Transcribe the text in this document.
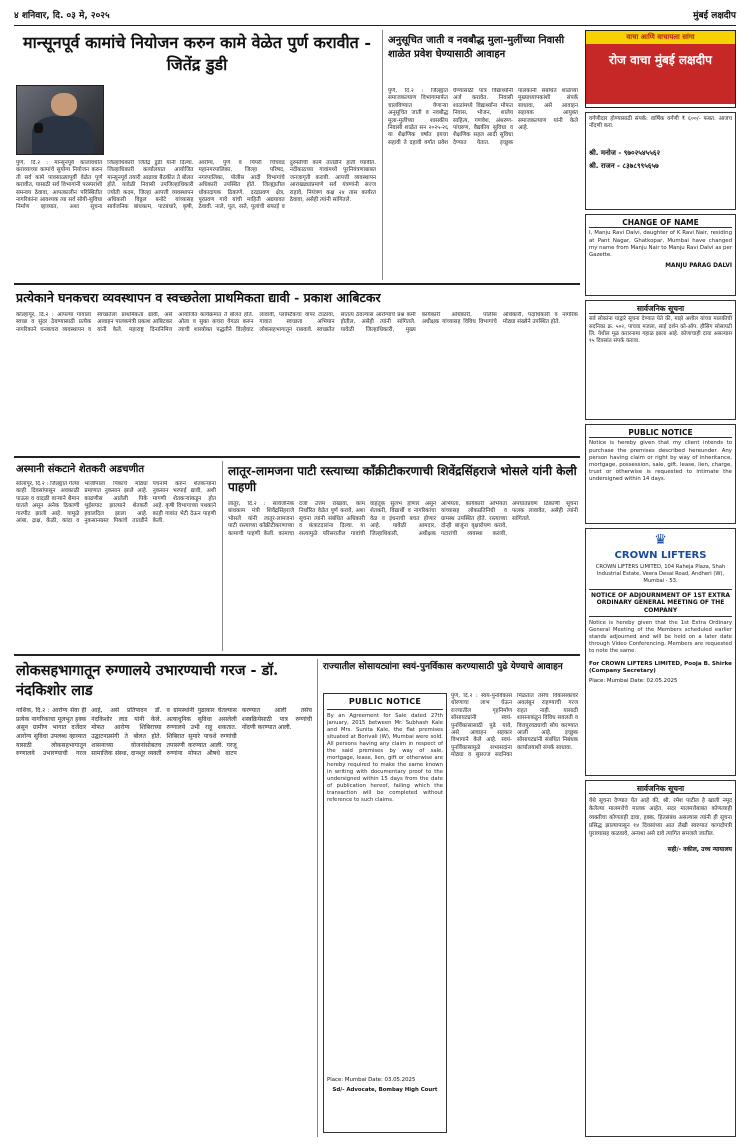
४ शनिवार, दि. ०३ मे, २०२५	मुंबई लक्षदीप
मान्सूनपूर्व कामांचे नियोजन करुन कामे वेळेत पुर्ण करावीत - जितेंद्र डुडी
पुणे, दि.२ : मान्सूनपूर्व कालावधीत कराव्याच्या कामांचे सुयोग्य नियोजन करुन ती सर्व कामे पावसाळ्यापूर्वी वेळेत पूर्ण करावीत, यासाठी सर्व विभागांनी परस्परांशी समन्वय ठेवावा, आपत्कालीन परिस्थितीत नागरिकांना आवश्यक त्या सर्व सोयी-सुविधा निर्माण व्हाव्यात, अशा सूचना जिल्हाधिकारी जितेंद्र डुडी यांनी दिल्या. जिल्हाधिकारी कार्यालयात आयोजित मान्सूनपूर्व तयारी आढावा बैठकीत ते बोलत होते. यावेळी निवासी उपजिल्हाधिकारी ज्योती कदम, जिल्हा आपत्ती व्यवस्थापन अधिकारी विठ्ठल बनोटे यांच्यासह सार्वजनिक बांधकाम, पाटबंधारे, कृषी, आरोग्य, पुणे व पिंपरी चिंचवड महानगरपालिका, जिल्हा परिषद, नगरपालिका, पोलीस आदी विभागांचे अधिकारी उपस्थित होते. जिल्ह्यातील धोकादायक ठिकाणे, दरडप्रवण क्षेत्र, पूरप्रवण गावे यांची माहिती अद्ययावत ठेवावी. नाले, पूल, रस्ते, पूलांची सफाई व दुरुस्तीची कामे तातडीने हाती घ्यावीत. नदीकाठच्या गावांमध्ये पूरनियंत्रणाबाबत जनजागृती करावी. आपत्ती व्यवस्थापन आराखड्याप्रमाणे सर्व यंत्रणांनी सज्ज राहावे, नियंत्रण कक्ष २४ तास कार्यरत ठेवावा, असेही त्यांनी सांगितले.
अनुसूचित जाती व नवबौद्ध मुला-मुलींच्या निवासी शाळेत प्रवेश घेण्यासाठी आवाहन
पुणे, दि.२ : जिल्ह्यात समाजकल्याण विभागामार्फत चालविण्यात येणाऱ्या अनुसूचित जाती व नवबौद्ध मुला-मुलींच्या शासकीय निवासी शाळेत सन २०२५-२६ या शैक्षणिक वर्षात इयत्ता सहावी ते दहावी वर्गात प्रवेश घेण्यासाठी पात्र विद्यार्थ्यांनी अर्ज करावेत. निवासी शाळांमध्ये विद्यार्थ्यांना मोफत निवास, भोजन, शालेय साहित्य, गणवेश, अंथरुण-पांघरुण, वैद्यकीय सुविधा व शैक्षणिक सहल आदी सुविधा देण्यात येतात. इच्छुक पालकांनी संबंधित शाळेच्या मुख्याध्यापकांशी संपर्क साधावा, असे आवाहन सहायक आयुक्त समाजकल्याण यांनी केले आहे.
प्रत्येकाने घनकचरा व्यवस्थापन व स्वच्छतेला प्राथमिकता द्यावी - प्रकाश आबिटकर
कोल्हापूर, दि.२ : आपल्या गावाला स्वच्छ व सुंदर ठेवण्यासाठी प्रत्येक नागरिकाने घनकचरा व्यवस्थापन व स्वच्छतेला प्राथमिकता द्यावी, असे आवाहन पालकमंत्री प्रकाश आबिटकर यांनी केले. महाराष्ट्र दिनानिमित्त आयोजित कार्यक्रमात ते बोलत होते. ओला व सुका कचरा वेगळा करुन त्याची शास्त्रोक्त पद्धतीने विल्हेवाट लावावी, प्लास्टिकचा वापर टाळावा, गावात स्वच्छता अभियान लोकसहभागातून राबवावे. स्वच्छतेत सातत्य ठेवल्यास आरोग्याचे प्रश्न कमी होतील, असेही त्यांनी सांगितले. यावेळी जिल्हाधिकारी, मुख्य कार्यकारी अधिकारी, पोलीस अधीक्षक यांच्यासह विविध विभागांचे अधिकारी, पदाधिकारी व नागरिक मोठ्या संख्येने उपस्थित होते.
अस्मानी संकटाने शेतकरी अडचणीत
सोलापूर, दि.२ : जिल्ह्यात गेल्या काही दिवसांपासून अवकाळी पाऊस व वादळी वाऱ्याने थैमान घातले असून अनेक ठिकाणी गारपीट झाली आहे. यामुळे आंबा, द्राक्ष, केळी, कांदा व भाजीपाला पिकांचे मोठ्या प्रमाणात नुकसान झाले आहे. काढणीस आलेली पिके भुईसपाट झाल्याने शेतकरी हवालदिल झाला आहे. नुकसानग्रस्त पिकांचे तातडीने पंचनामे करुन शेतकऱ्यांना नुकसान भरपाई द्यावी, अशी मागणी शेतकऱ्यांकडून होत आहे. कृषी विभागाच्या पथकाने काही गावांत भेटी देऊन पाहणी केली.
लातूर-लामजना पाटी रस्त्याच्या काँक्रीटीकरणाची शिवेंद्रसिंहराजे भोसले यांनी केली पाहणी
लातूर, दि.२ : सार्वजनिक बांधकाम मंत्री शिवेंद्रसिंहराजे भोसले यांनी लातूर-लामजना पाटी रस्त्याच्या काँक्रीटीकरणाच्या कामाची पाहणी केली. कामाचा दर्जा उत्तम राखावा, काम निर्धारित वेळेत पूर्ण करावे, अशा सूचना त्यांनी संबंधित अधिकारी व कंत्राटदारांना दिल्या. या रस्त्यामुळे परिसरातील गावांची वाहतूक सुलभ होणार असून शेतकरी, विद्यार्थी व नागरिकांचा वेळ व इंधनाची बचत होणार आहे. यावेळी आमदार, जिल्हाधिकारी, अधीक्षक अभियंता, कार्यकारी अभियंता यांच्यासह लोकप्रतिनिधी व ग्रामस्थ उपस्थित होते. रस्त्याच्या दोन्ही बाजूंना वृक्षारोपण करावे, गटारांची व्यवस्था करावी, अपघातप्रवण ठिकाणी सूचना फलक लावावेत, असेही त्यांनी सांगितले.
लोकसहभागातून रुग्णालये उभारण्याची गरज - डॉ. नंदकिशोर लाड
नाशिक, दि.२ : आरोग्य सेवा ही प्रत्येक नागरिकाचा मूलभूत हक्क असून ग्रामीण भागात दर्जेदार आरोग्य सुविधा उपलब्ध व्हाव्यात यासाठी लोकसहभागातून रुग्णालये उभारण्याची गरज आहे, असे प्रतिपादन डॉ. नंदकिशोर लाड यांनी केले. मोफत आरोग्य शिबिराच्या उद्घाटनप्रसंगी ते बोलत होते. शासनाच्या योजनांसोबतच सामाजिक संस्था, दानशूर व्यक्ती व ग्रामस्थांनी पुढाकार घेतल्यास अत्याधुनिक सुविधा असलेली रुग्णालये उभी राहू शकतात. शिबिरात सुमारे पाचशे रुग्णांची तपासणी करण्यात आली. गरजू रुग्णांना मोफत औषधे वाटप करण्यात आली तसेच शस्त्रक्रियेसाठी पात्र रुग्णांची नोंदणी करण्यात आली.
राज्यातील सोसायट्यांना स्वयं-पुनर्विकास करण्यासाठी पुढे येण्याचे आवाहन
PUBLIC NOTICE
By an Agreement for Sale dated 27th January, 2015 between Mr. Subhash Kale and Mrs. Sunita Kale, the flat premises situated at Borivali (W), Mumbai were sold. All persons having any claim in respect of the said premises by way of sale, mortgage, lease, lien, gift or otherwise are hereby required to make the same known in writing with documentary proof to the undersigned within 15 days from the date of publication hereof, failing which the transaction will be completed without reference to such claims.
Place: Mumbai Date: 03.05.2025
Sd/- Advocate, Bombay High Court
पुणे, दि.२ : स्वयं-पुनर्विकास धोरणाचा लाभ घेऊन राज्यातील गृहनिर्माण सोसायट्यांनी स्वयं-पुनर्विकासासाठी पुढे यावे, असे आवाहन सहकार विभागाने केले आहे. स्वयं-पुनर्विकासामुळे सभासदांना मोठ्या व सुसज्ज सदनिका मिळतात तसेच विकासकावर अवलंबून राहण्याची गरज राहत नाही. यासाठी शासनाकडून विविध सवलती व वित्तपुरवठ्याची सोय करण्यात आली आहे. इच्छुक सोसायट्यांनी संबंधित निबंधक कार्यालयाशी संपर्क साधावा.
वाचा आणि वाचायला सांगा
रोज वाचा मुंबई लक्षदीप
वर्गणीदार होण्यासाठी संपर्क: वार्षिक वर्गणी ₹ ६००/- फक्त. आजच नोंदणी करा.
श्री. मनोज - ९७०२५४५५६२
श्री. राजन - ८३७८९९५६५७
CHANGE OF NAME
I, Manju Ravi Dalvi, daughter of K Ravi Nair, residing at Pant Nagar, Ghatkopar, Mumbai have changed my name from Manju Nair to Manju Ravi Dalvi as per Gazette.
MANJU PARAG DALVI
सार्वजनिक सूचना
सर्व लोकांना याद्वारे सूचना देण्यात येते की, माझे अशील यांच्या मालकीची सदनिका क्र. ५०२, पाचवा मजला, साई दर्शन को-ऑप. हौसिंग सोसायटी लि. येथील मूळ करारनामा गहाळ झाला आहे. कोणाचाही दावा असल्यास १५ दिवसांत संपर्क करावा.
PUBLIC NOTICE
Notice is hereby given that my client intends to purchase the premises described hereunder. Any person having claim or right by way of inheritance, mortgage, possession, sale, gift, lease, lien, charge, trust or otherwise is requested to intimate the undersigned within 14 days.
♛
CROWN LIFTERS
CROWN LIFTERS LIMITED, 104 Raheja Plaza, Shah Industrial Estate, Veera Desai Road, Andheri (W), Mumbai - 53.
NOTICE OF ADJOURNMENT OF 1ST EXTRA ORDINARY GENERAL MEETING OF THE COMPANY
Notice is hereby given that the 1st Extra Ordinary General Meeting of the Members scheduled earlier stands adjourned and will be held on a later date through Video Conferencing. Members are requested to note the same.
For CROWN LIFTERS LIMITED, Pooja B. Shirke (Company Secretary)
Place: Mumbai Date: 02.05.2025
सार्वजनिक सूचना
येथे सूचना देण्यात येत आहे की, श्री. रमेश पाटील हे खाली नमूद केलेल्या मालमत्तेचे मालक आहेत. सदर मालमत्तेबाबत कोणत्याही व्यक्तीचा कोणताही दावा, हक्क, हितसंबंध असल्यास त्यांनी ही सूचना प्रसिद्ध झाल्यापासून १४ दिवसांच्या आत लेखी स्वरुपात कागदोपत्री पुराव्यासह कळवावे, अन्यथा असे दावे त्यागित समजले जातील.
सही/- वकील, उच्च न्यायालय
